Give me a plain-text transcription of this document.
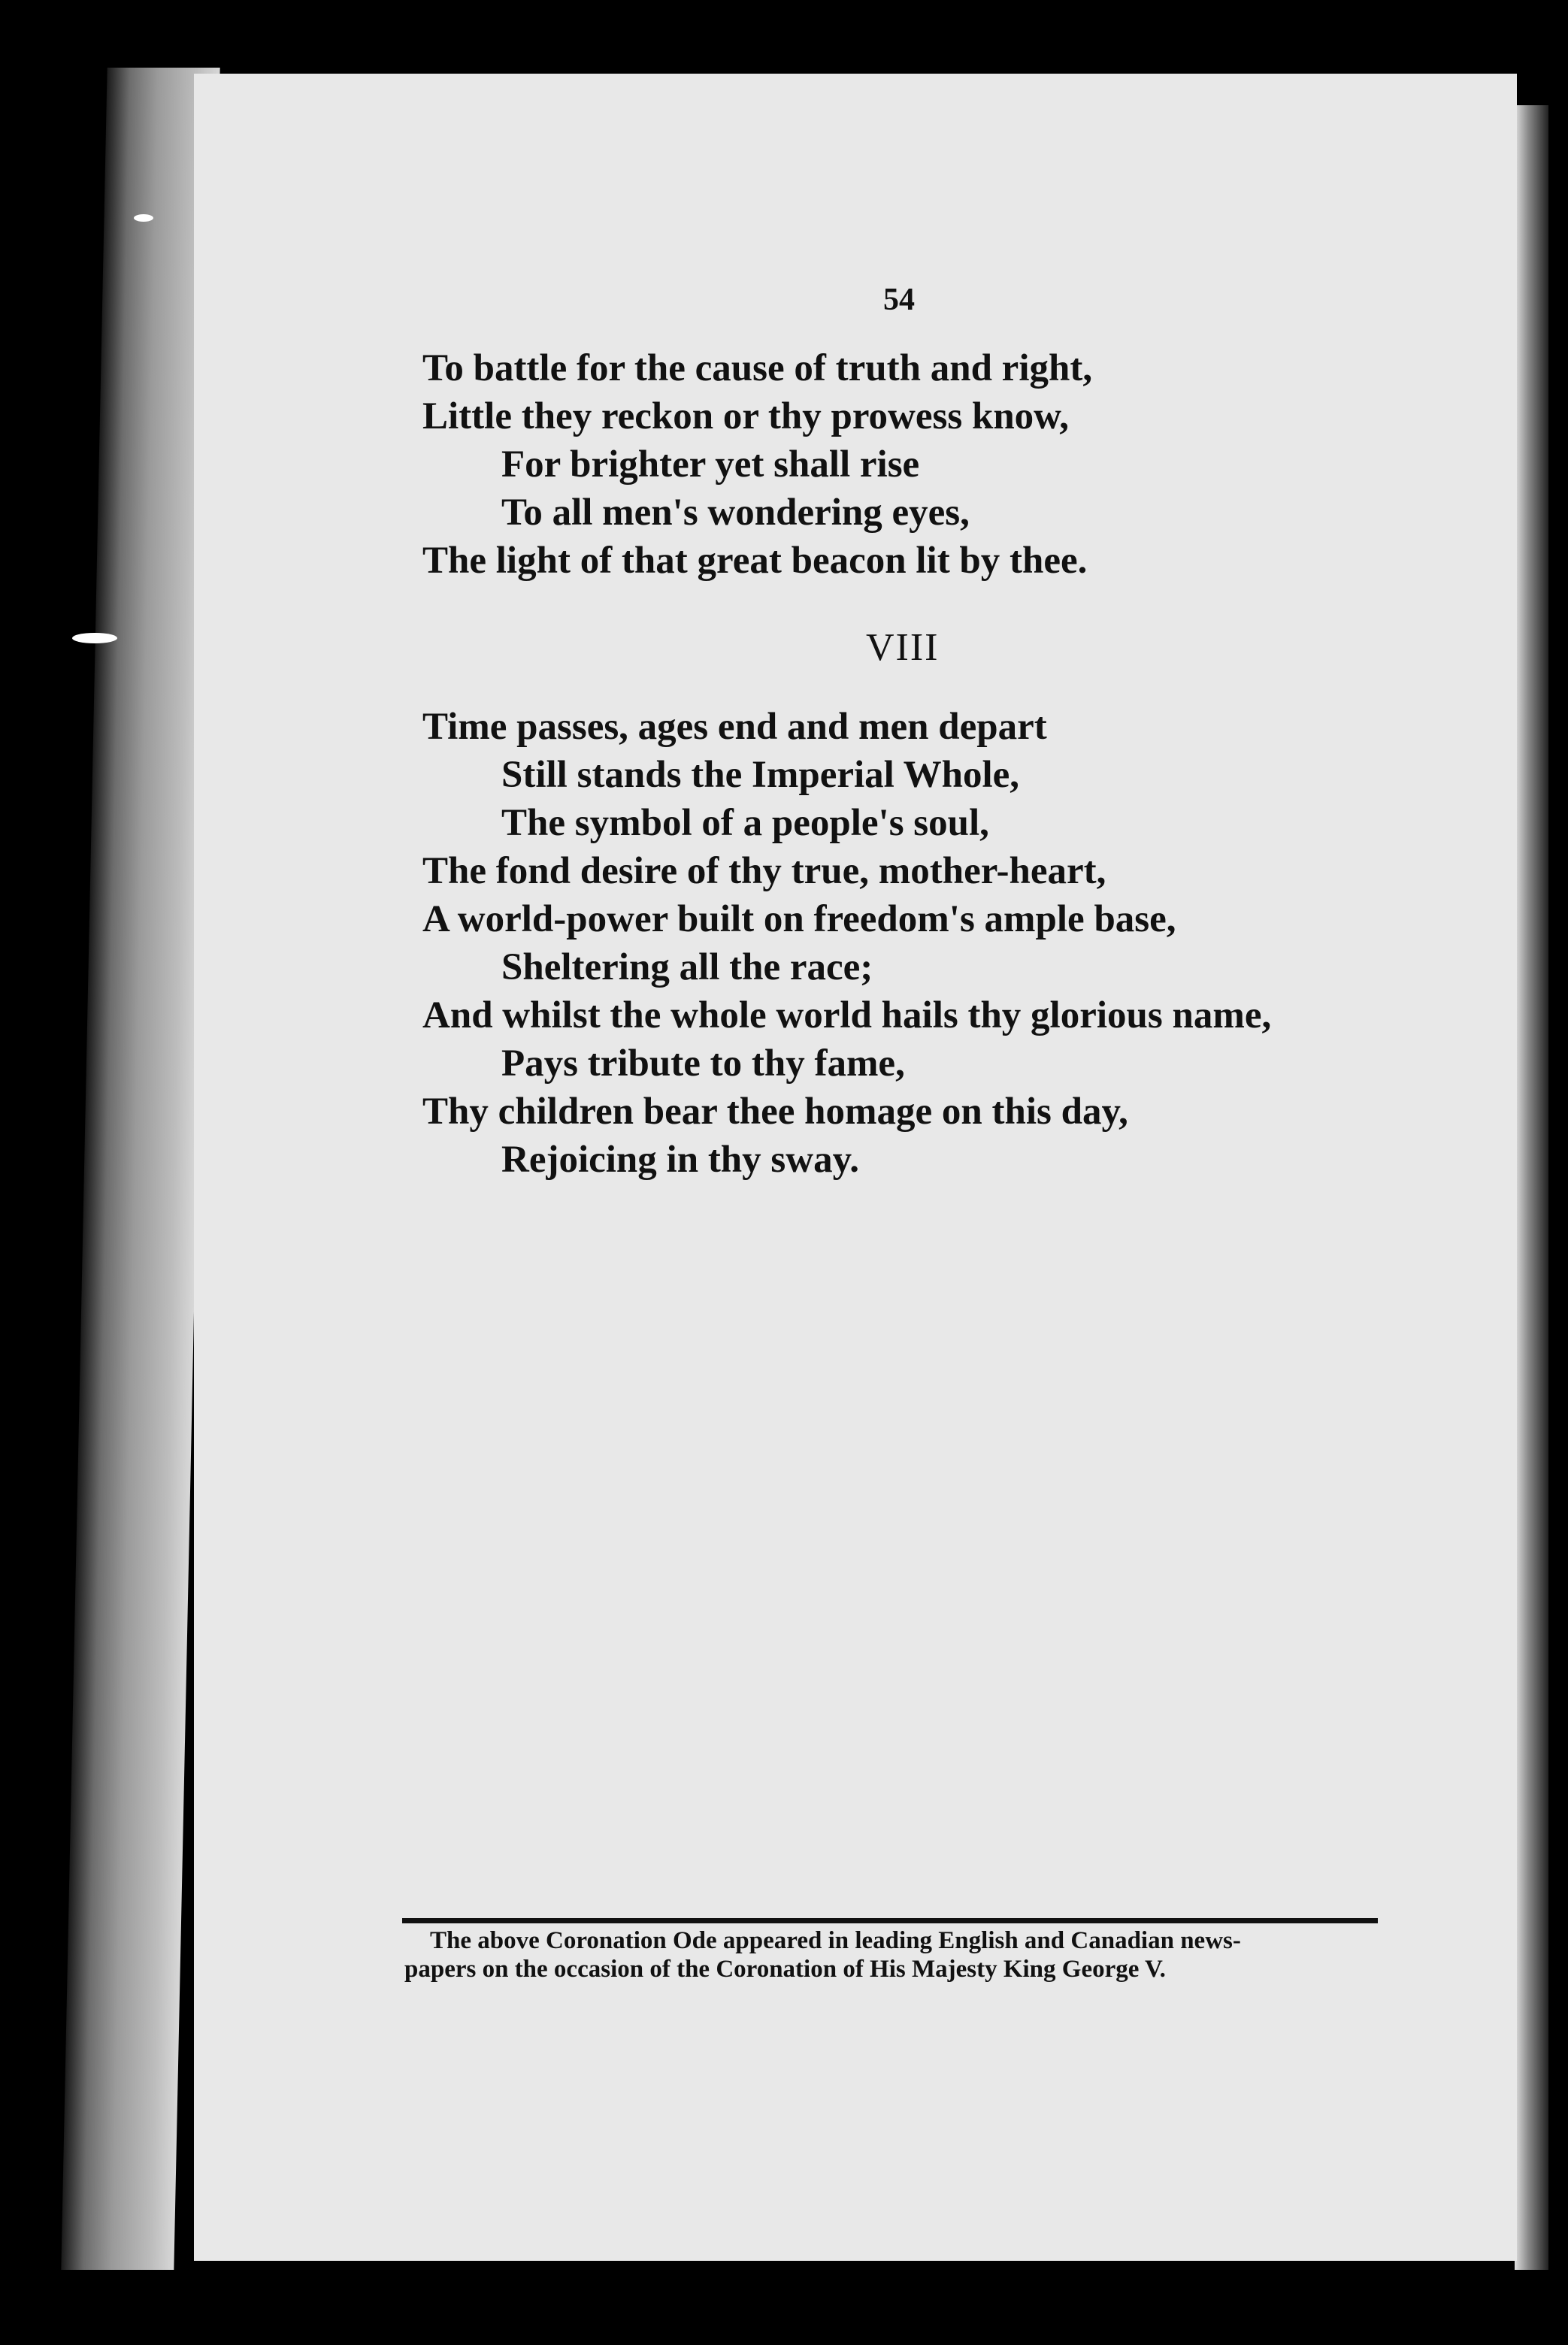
54
To battle for the cause of truth and right,
Little they reckon or thy prowess know,
For brighter yet shall rise
To all men's wondering eyes,
The light of that great beacon lit by thee.
VIII
Time passes, ages end and men depart
Still stands the Imperial Whole,
The symbol of a people's soul,
The fond desire of thy true, mother-heart,
A world-power built on freedom's ample base,
Sheltering all the race;
And whilst the whole world hails thy glorious name,
Pays tribute to thy fame,
Thy children bear thee homage on this day,
Rejoicing in thy sway.

The above Coronation Ode appeared in leading English and Canadian news-
papers on the occasion of the Coronation of His Majesty King George V.
